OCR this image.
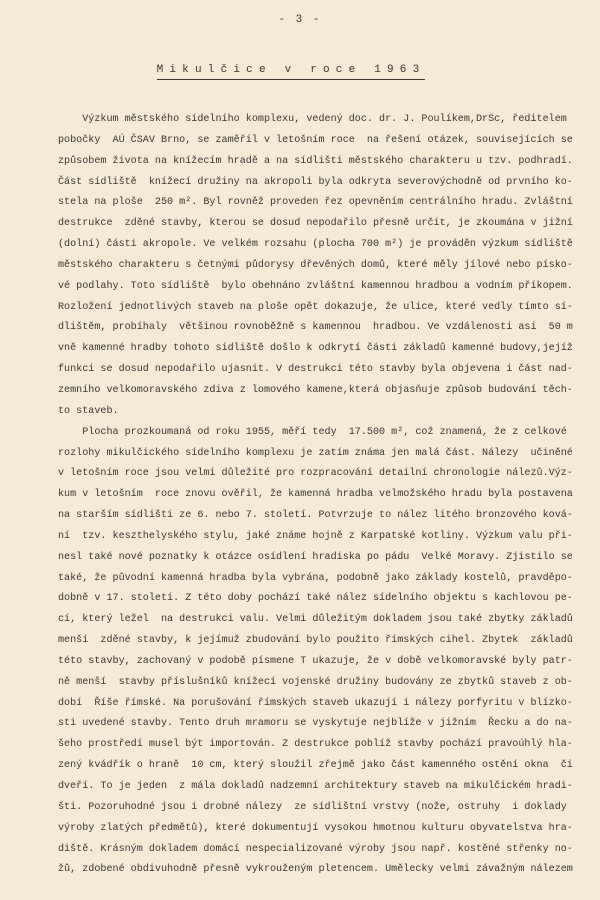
- 3 -
Mikulčice v roce 1963
Výzkum městského sídelního komplexu, vedený doc. dr. J. Poulíkem,DrSc, ředitelem
pobočky  AÚ ČSAV Brno, se zaměřil v letošním roce  na řešení otázek, souvisejících se
způsobem života na knížecím hradě a na sídlišti městského charakteru u tzv. podhradí.
Část sídliště  knížecí družiny na akropoli byla odkryta severovýchodně od prvního ko-
stela na ploše  250 m². Byl rovněž proveden řez opevněním centrálního hradu. Zvláštní
destrukce  zděné stavby, kterou se dosud nepodařilo přesně určit, je zkoumána v jižní
(dolní) části akropole. Ve velkém rozsahu (plocha 700 m²) je prováděn výzkum sídliště
městského charakteru s četnými půdorysy dřevěných domů, které měly jílové nebo písko-
vé podlahy. Toto sídliště  bylo obehnáno zvláštní kamennou hradbou a vodním příkopem.
Rozložení jednotlivých staveb na ploše opět dokazuje, že ulice, které vedly tímto sí-
dlištěm, probíhaly  většinou rovnoběžně s kamennou  hradbou. Ve vzdálenosti asi  50 m
vně kamenné hradby tohoto sídliště došlo k odkrytí části základů kamenné budovy,jejíž
funkci se dosud nepodařilo ujasnit. V destrukci této stavby byla objevena i část nad-
zemního velkomoravského zdiva z lomového kamene,která objasňuje způsob budování těch-
to staveb.
Plocha prozkoumaná od roku 1955, měří tedy  17.500 m², což znamená, že z celkové
rozlohy mikulčického sídelního komplexu je zatím známa jen malá část. Nálezy  učiněné
v letošním roce jsou velmi důležité pro rozpracování detailní chronologie nálezů.Výz-
kum v letošním  roce znovu ověřil, že kamenná hradba velmožského hradu byla postavena
na starším sídlišti ze 6. nebo 7. století. Potvrzuje to nález litého bronzového ková-
ní  tzv. keszthelyského stylu, jaké známe hojně z Karpatské kotliny. Výzkum valu při-
nesl také nové poznatky k otázce osídlení hradiska po pádu  Velké Moravy. Zjistilo se
také, že původní kamenná hradba byla vybrána, podobně jako základy kostelů, pravděpo-
dobně v 17. století. Z této doby pochází také nález sídelního objektu s kachlovou pe-
cí, který ležel  na destrukci valu. Velmi důležitým dokladem jsou také zbytky základů
menší  zděné stavby, k jejímuž zbudování bylo použito římských cihel. Zbytek  základů
této stavby, zachovaný v podobě písmene T ukazuje, že v době velkomoravské byly patr-
ně menší  stavby příslušníků knížecí vojenské družiny budovány ze zbytků staveb z ob-
dobí  Říše římské. Na porušování římských staveb ukazují i nálezy porfyritu v blízko-
sti uvedené stavby. Tento druh mramoru se vyskytuje nejblíže v jižním  Řecku a do na-
šeho prostředí musel být importován. Z destrukce poblíž stavby pochází pravoúhlý hla-
zený kvádřík o hraně  10 cm, který sloužil zřejmě jako část kamenného ostění okna  či
dveří. To je jeden  z mála dokladů nadzemní architektury staveb na mikulčickém hradi-
šti. Pozoruhodné jsou i drobné nálezy  ze sídlištní vrstvy (nože, ostruhy  i doklady
výroby zlatých předmětů), které dokumentují vysokou hmotnou kulturu obyvatelstva hra-
diště. Krásným dokladem domácí nespecializované výroby jsou např. kostěné střenky no-
žů, zdobené obdivuhodně přesně vykrouženým pletencem. Umělecky velmi závažným nálezem
